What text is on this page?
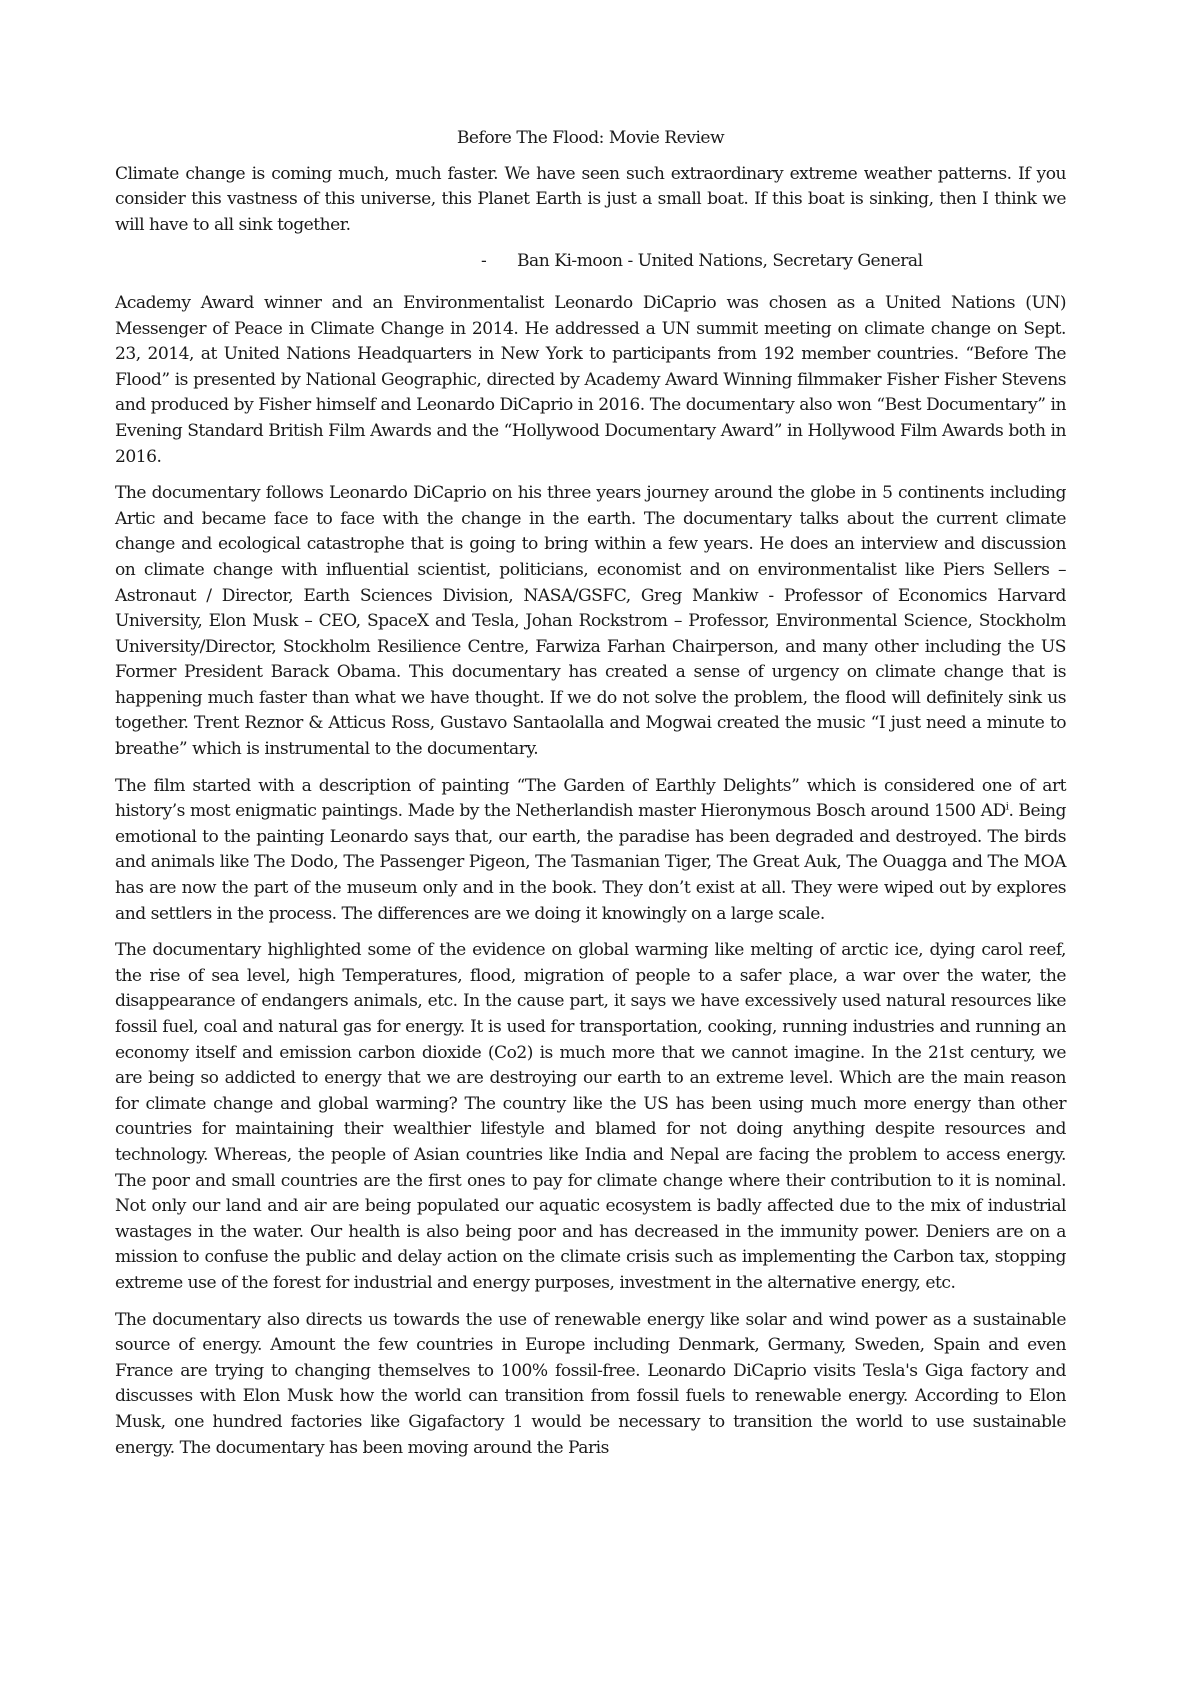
Before The Flood: Movie Review

Climate change is coming much, much faster. We have seen such extraordinary extreme weather patterns. If you consider this vastness of this universe, this Planet Earth is just a small boat. If this boat is sinking, then I think we will have to all sink together.

-	Ban Ki-moon - United Nations, Secretary General

Academy Award winner and an Environmentalist Leonardo DiCaprio was chosen as a United Nations (UN) Messenger of Peace in Climate Change in 2014. He addressed a UN summit meeting on climate change on Sept. 23, 2014, at United Nations Headquarters in New York to participants from 192 member countries. “Before The Flood” is presented by National Geographic, directed by Academy Award Winning filmmaker Fisher Fisher Stevens and produced by Fisher himself and Leonardo DiCaprio in 2016. The documentary also won “Best Documentary” in Evening Standard British Film Awards and the “Hollywood Documentary Award” in Hollywood Film Awards both in 2016.

The documentary follows Leonardo DiCaprio on his three years journey around the globe in 5 continents including Artic and became face to face with the change in the earth. The documentary talks about the current climate change and ecological catastrophe that is going to bring within a few years. He does an interview and discussion on climate change with influential scientist, politicians, economist and on environmentalist like Piers Sellers – Astronaut / Director, Earth Sciences Division, NASA/GSFC, Greg Mankiw - Professor of Economics Harvard University, Elon Musk – CEO, SpaceX and Tesla, Johan Rockstrom – Professor, Environmental Science, Stockholm University/Director, Stockholm Resilience Centre, Farwiza Farhan Chairperson, and many other including the US Former President Barack Obama. This documentary has created a sense of urgency on climate change that is happening much faster than what we have thought. If we do not solve the problem, the flood will definitely sink us together. Trent Reznor & Atticus Ross, Gustavo Santaolalla and Mogwai created the music “I just need a minute to breathe” which is instrumental to the documentary.

The film started with a description of painting “The Garden of Earthly Delights” which is considered one of art history’s most enigmatic paintings. Made by the Netherlandish master Hieronymous Bosch around 1500 $AD^i$. Being emotional to the painting Leonardo says that, our earth, the paradise has been degraded and destroyed. The birds and animals like The Dodo, The Passenger Pigeon, The Tasmanian Tiger, The Great Auk, The Ouagga and The MOA has are now the part of the museum only and in the book. They don’t exist at all. They were wiped out by explores and settlers in the process. The differences are we doing it knowingly on a large scale.

The documentary highlighted some of the evidence on global warming like melting of arctic ice, dying carol reef, the rise of sea level, high Temperatures, flood, migration of people to a safer place, a war over the water, the disappearance of endangers animals, etc. In the cause part, it says we have excessively used natural resources like fossil fuel, coal and natural gas for energy. It is used for transportation, cooking, running industries and running an economy itself and emission carbon dioxide (Co2) is much more that we cannot imagine. In the 21st century, we are being so addicted to energy that we are destroying our earth to an extreme level. Which are the main reason for climate change and global warming? The country like the US has been using much more energy than other countries for maintaining their wealthier lifestyle and blamed for not doing anything despite resources and technology. Whereas, the people of Asian countries like India and Nepal are facing the problem to access energy. The poor and small countries are the first ones to pay for climate change where their contribution to it is nominal. Not only our land and air are being populated our aquatic ecosystem is badly affected due to the mix of industrial wastages in the water. Our health is also being poor and has decreased in the immunity power. Deniers are on a mission to confuse the public and delay action on the climate crisis such as implementing the Carbon tax, stopping extreme use of the forest for industrial and energy purposes, investment in the alternative energy, etc.

The documentary also directs us towards the use of renewable energy like solar and wind power as a sustainable source of energy. Amount the few countries in Europe including Denmark, Germany, Sweden, Spain and even France are trying to changing themselves to 100% fossil-free. Leonardo DiCaprio visits Tesla's Giga factory and discusses with Elon Musk how the world can transition from fossil fuels to renewable energy. According to Elon Musk, one hundred factories like Gigafactory 1 would be necessary to transition the world to use sustainable energy. The documentary has been moving around the Paris
